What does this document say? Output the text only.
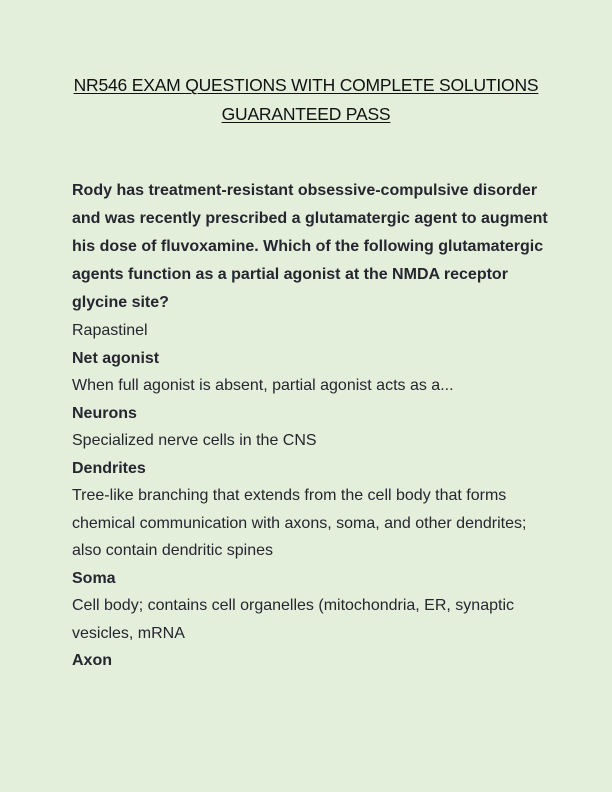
NR546 EXAM QUESTIONS WITH COMPLETE SOLUTIONS
GUARANTEED PASS

Rody has treatment-resistant obsessive-compulsive disorder and was recently prescribed a glutamatergic agent to augment his dose of fluvoxamine. Which of the following glutamatergic agents function as a partial agonist at the NMDA receptor glycine site?

Rapastinel

Net agonist

When full agonist is absent, partial agonist acts as a...

Neurons

Specialized nerve cells in the CNS

Dendrites

Tree-like branching that extends from the cell body that forms chemical communication with axons, soma, and other dendrites; also contain dendritic spines

Soma

Cell body; contains cell organelles (mitochondria, ER, synaptic vesicles, mRNA

Axon
